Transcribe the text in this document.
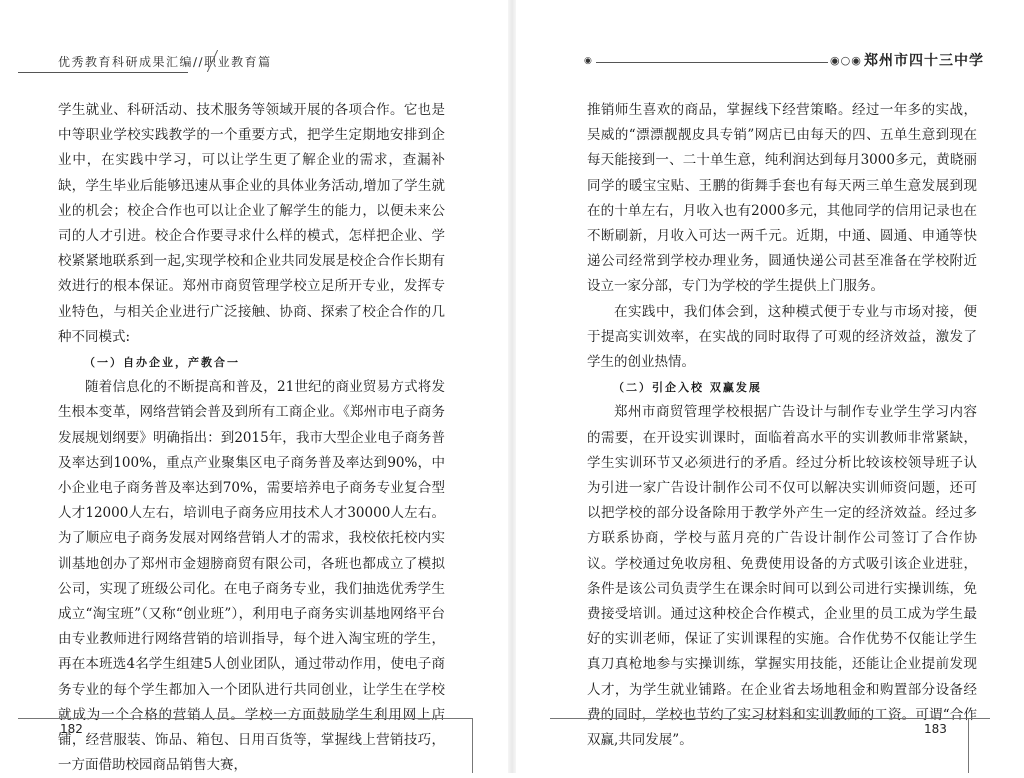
优秀教育科研成果汇编∕∕职业教育篇

学生就业、科研活动、技术服务等领域开展的各项合作。它也是中等职业学校实践教学的一个重要方式，把学生定期地安排到企业中，在实践中学习，可以让学生更了解企业的需求，查漏补缺，学生毕业后能够迅速从事企业的具体业务活动,增加了学生就业的机会；校企合作也可以让企业了解学生的能力，以便未来公司的人才引进。校企合作要寻求什么样的模式，怎样把企业、学校紧紧地联系到一起,实现学校和企业共同发展是校企合作长期有效进行的根本保证。郑州市商贸管理学校立足所开专业，发挥专业特色，与相关企业进行广泛接触、协商、探索了校企合作的几种不同模式:

（一）自办企业，产教合一

随着信息化的不断提高和普及，21世纪的商业贸易方式将发生根本变革，网络营销会普及到所有工商企业。《郑州市电子商务发展规划纲要》明确指出：到2015年，我市大型企业电子商务普及率达到100%，重点产业聚集区电子商务普及率达到90%，中小企业电子商务普及率达到70%，需要培养电子商务专业复合型人才12000人左右，培训电子商务应用技术人才30000人左右。为了顺应电子商务发展对网络营销人才的需求，我校依托校内实训基地创办了郑州市金翅膀商贸有限公司，各班也都成立了模拟公司，实现了班级公司化。在电子商务专业，我们抽选优秀学生成立“淘宝班”（又称“创业班”），利用电子商务实训基地网络平台由专业教师进行网络营销的培训指导，每个进入淘宝班的学生，再在本班选4名学生组建5人创业团队，通过带动作用，使电子商务专业的每个学生都加入一个团队进行共同创业，让学生在学校就成为一个合格的营销人员。学校一方面鼓励学生利用网上店铺，经营服装、饰品、箱包、日用百货等，掌握线上营销技巧，一方面借助校园商品销售大赛，

182
◉	◉○◉ 郑州市四十三中学

推销师生喜欢的商品，掌握线下经营策略。经过一年多的实战，吴威的“漂漂靓靓皮具专销”网店已由每天的四、五单生意到现在每天能接到一、二十单生意，纯利润达到每月3000多元，黄晓丽同学的暖宝宝贴、王鹏的街舞手套也有每天两三单生意发展到现在的十单左右，月收入也有2000多元，其他同学的信用记录也在不断刷新，月收入可达一两千元。近期，中通、圆通、申通等快递公司经常到学校办理业务，圆通快递公司甚至准备在学校附近设立一家分部，专门为学校的学生提供上门服务。

在实践中，我们体会到，这种模式便于专业与市场对接，便于提高实训效率，在实战的同时取得了可观的经济效益，激发了学生的创业热情。

（二）引企入校 双赢发展

郑州市商贸管理学校根据广告设计与制作专业学生学习内容的需要，在开设实训课时，面临着高水平的实训教师非常紧缺，学生实训环节又必须进行的矛盾。经过分析比较该校领导班子认为引进一家广告设计制作公司不仅可以解决实训师资问题，还可以把学校的部分设备除用于教学外产生一定的经济效益。经过多方联系协商，学校与蓝月亮的广告设计制作公司签订了合作协议。学校通过免收房租、免费使用设备的方式吸引该企业进驻，条件是该公司负责学生在课余时间可以到公司进行实操训练，免费接受培训。通过这种校企合作模式，企业里的员工成为学生最好的实训老师，保证了实训课程的实施。合作优势不仅能让学生真刀真枪地参与实操训练，掌握实用技能，还能让企业提前发现人才，为学生就业铺路。在企业省去场地租金和购置部分设备经费的同时，学校也节约了实习材料和实训教师的工资。可谓“合作双赢,共同发展”。

183
